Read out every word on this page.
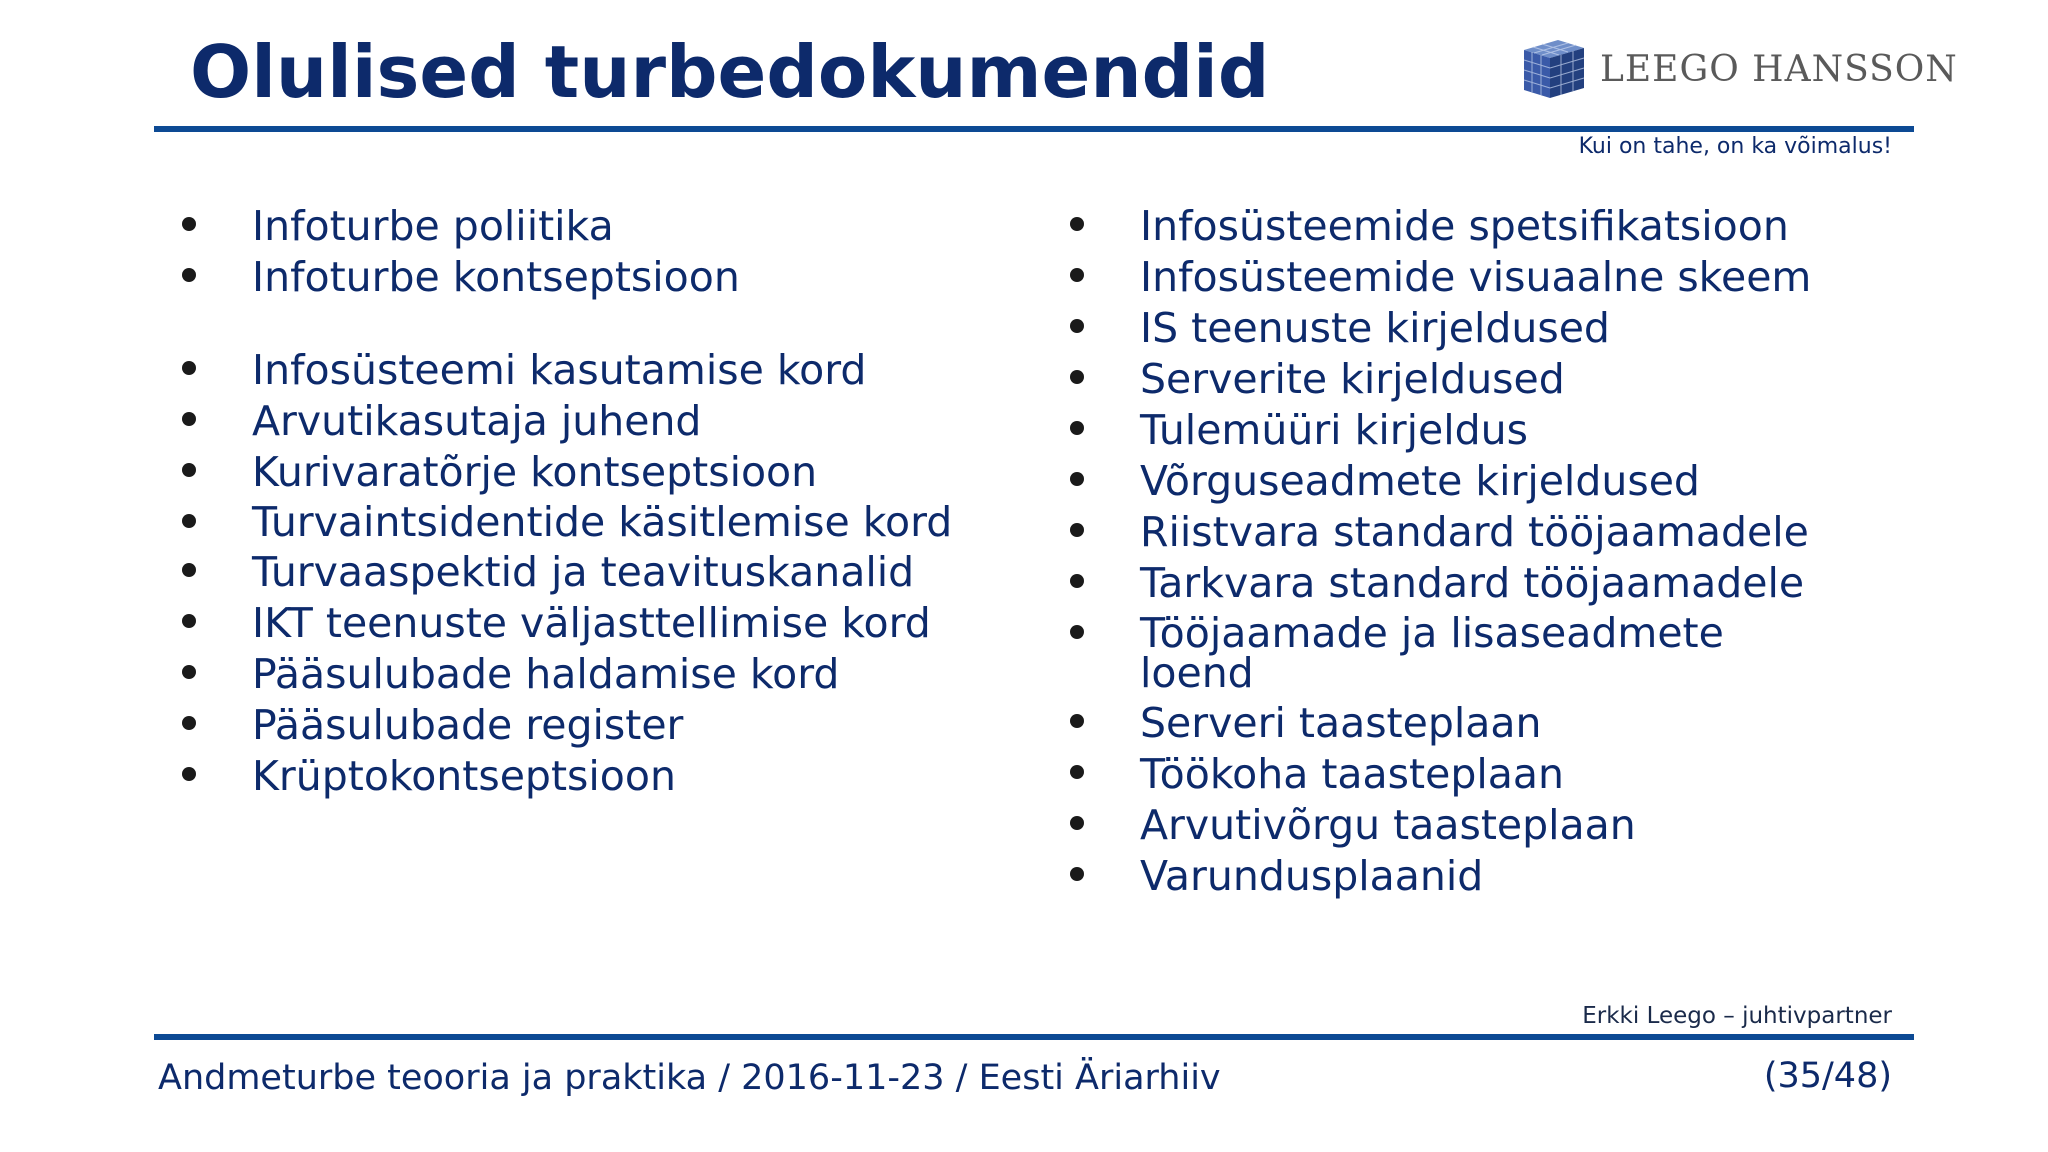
Olulised turbedokumendid	LEEGO HANSSON
Kui on tahe, on ka võimalus!
Infoturbe poliitika
Infoturbe kontseptsioon
Infosüsteemi kasutamise kord
Arvutikasutaja juhend
Kurivaratõrje kontseptsioon
Turvaintsidentide käsitlemise kord
Turvaaspektid ja teavituskanalid
IKT teenuste väljasttellimise kord
Pääsulubade haldamise kord
Pääsulubade register
Krüptokontseptsioon
Infosüsteemide spetsifikatsioon
Infosüsteemide visuaalne skeem
IS teenuste kirjeldused
Serverite kirjeldused
Tulemüüri kirjeldus
Võrguseadmete kirjeldused
Riistvara standard tööjaamadele
Tarkvara standard tööjaamadele
Tööjaamade ja lisaseadmete loend
Serveri taasteplaan
Töökoha taasteplaan
Arvutivõrgu taasteplaan
Varundusplaanid
Erkki Leego – juhtivpartner
Andmeturbe teooria ja praktika / 2016-11-23 / Eesti Äriarhiiv	(35/48)
